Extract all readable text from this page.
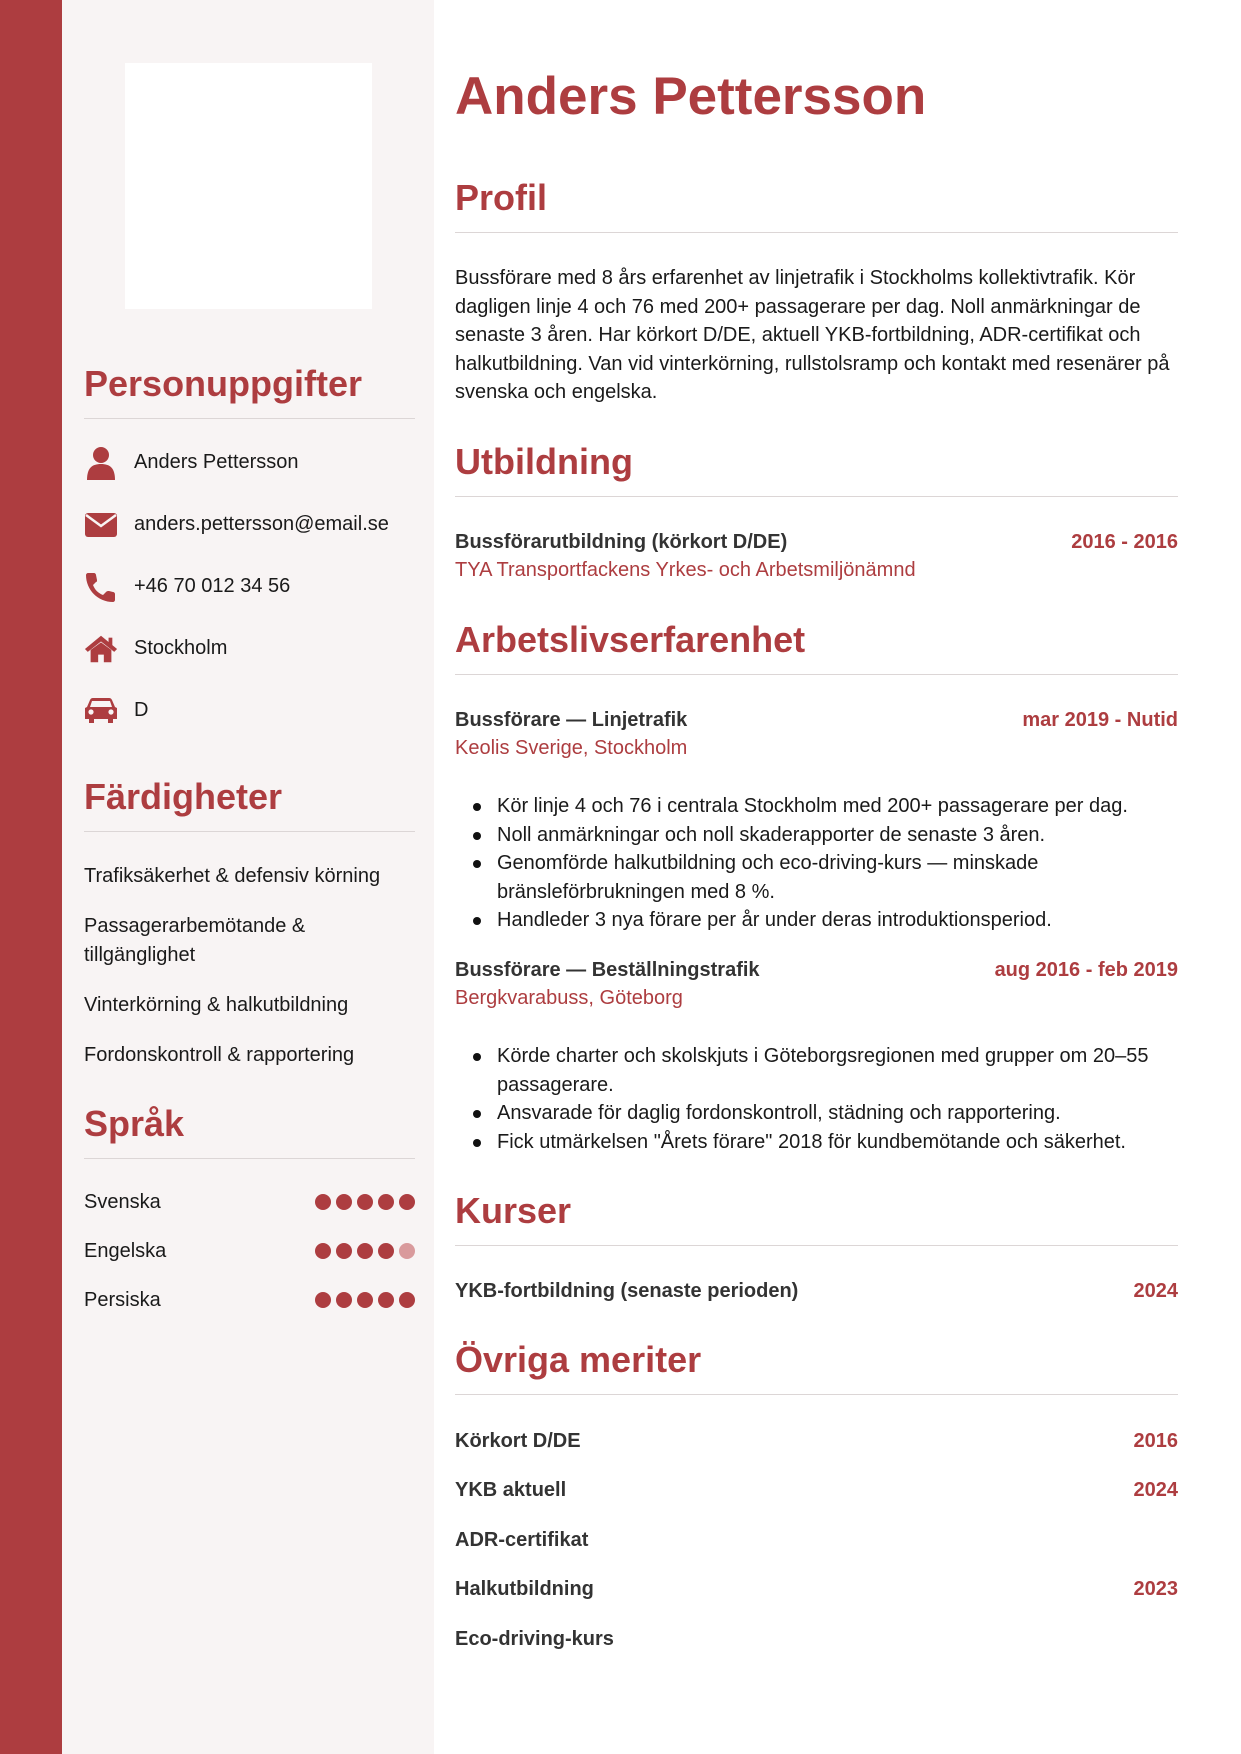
Personuppgifter
Anders Pettersson
anders.pettersson@email.se
+46 70 012 34 56
Stockholm
D
Färdigheter
Trafiksäkerhet & defensiv körning
Passagerarbemötande & tillgänglighet
Vinterkörning & halkutbildning
Fordonskontroll & rapportering
Språk
Svenska
Engelska
Persiska
Anders Pettersson
Profil

Bussförare med 8 års erfarenhet av linjetrafik i Stockholms kollektivtrafik. Kör dagligen linje 4 och 76 med 200+ passagerare per dag. Noll anmärkningar de senaste 3 åren. Har körkort D/DE, aktuell YKB-fortbildning, ADR-certifikat och halkutbildning. Van vid vinterkörning, rullstolsramp och kontakt med resenärer på svenska och engelska.

Utbildning
Bussförarutbildning (körkort D/DE)	2016 - 2016
TYA Transportfackens Yrkes- och Arbetsmiljönämnd
Arbetslivserfarenhet
Bussförare — Linjetrafik	mar 2019 - Nutid
Keolis Sverige, Stockholm
Kör linje 4 och 76 i centrala Stockholm med 200+ passagerare per dag.
Noll anmärkningar och noll skaderapporter de senaste 3 åren.
Genomförde halkutbildning och eco-driving-kurs — minskade bränsleförbrukningen med 8 %.
Handleder 3 nya förare per år under deras introduktionsperiod.
Bussförare — Beställningstrafik	aug 2016 - feb 2019
Bergkvarabuss, Göteborg
Körde charter och skolskjuts i Göteborgsregionen med grupper om 20–55 passagerare.
Ansvarade för daglig fordonskontroll, städning och rapportering.
Fick utmärkelsen "Årets förare" 2018 för kundbemötande och säkerhet.
Kurser
YKB-fortbildning (senaste perioden)	2024
Övriga meriter
Körkort D/DE	2016
YKB aktuell	2024
ADR-certifikat
Halkutbildning	2023
Eco-driving-kurs
